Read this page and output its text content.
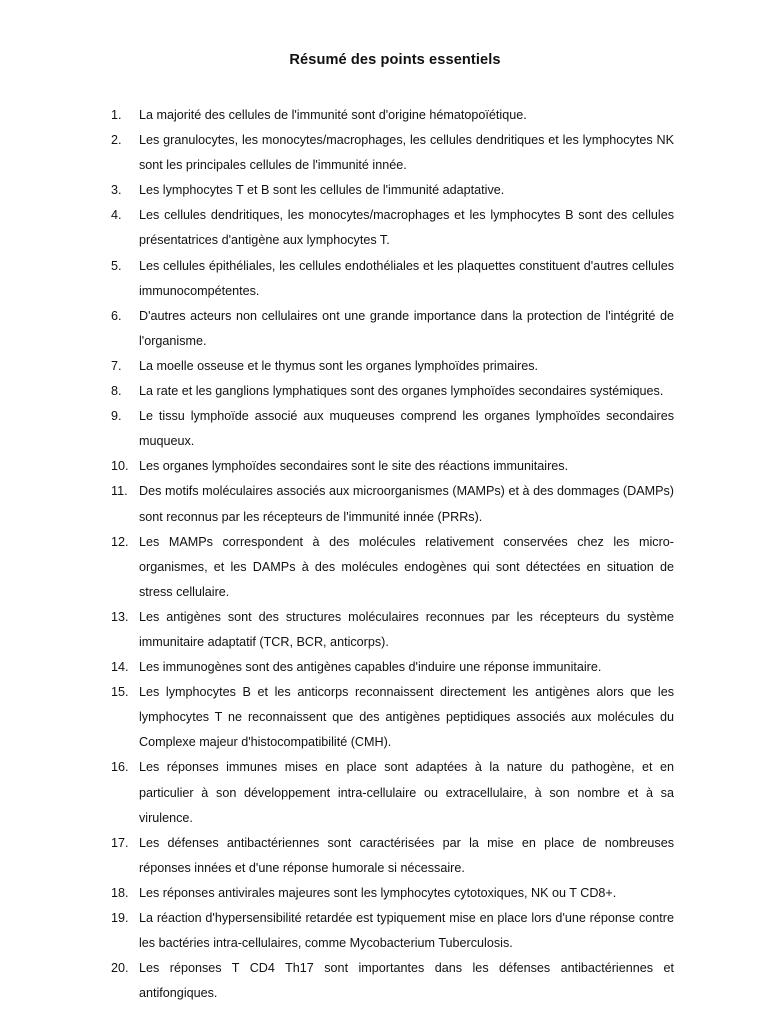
Résumé des points essentiels
1.	La majorité des cellules de l'immunité sont d'origine hématopoïétique.
2.	Les granulocytes, les monocytes/macrophages, les cellules dendritiques et les lymphocytes NK sont les principales cellules de l'immunité innée.
3.	Les lymphocytes T et B sont les cellules de l'immunité adaptative.
4.	Les cellules dendritiques, les monocytes/macrophages et les lymphocytes B sont des cellules présentatrices d'antigène aux lymphocytes T.
5.	Les cellules épithéliales, les cellules endothéliales et les plaquettes constituent d'autres cellules immunocompétentes.
6.	D'autres acteurs non cellulaires ont une grande importance dans la protection de l'intégrité de l'organisme.
7.	La moelle osseuse et le thymus sont les organes lymphoïdes primaires.
8.	La rate et les ganglions lymphatiques sont des organes lymphoïdes secondaires systémiques.
9.	Le tissu lymphoïde associé aux muqueuses comprend les organes lymphoïdes secondaires muqueux.
10. Les organes lymphoïdes secondaires sont le site des réactions immunitaires.
11. Des motifs moléculaires associés aux microorganismes (MAMPs) et à des dommages (DAMPs) sont reconnus par les récepteurs de l'immunité innée (PRRs).
12. Les MAMPs correspondent à des molécules relativement conservées chez les micro-organismes, et les DAMPs à des molécules endogènes qui sont détectées en situation de stress cellulaire.
13. Les antigènes sont des structures moléculaires reconnues par les récepteurs du système immunitaire adaptatif (TCR, BCR, anticorps).
14. Les immunogènes sont des antigènes capables d'induire une réponse immunitaire.
15. Les lymphocytes B et les anticorps reconnaissent directement les antigènes alors que les lymphocytes T ne reconnaissent que des antigènes peptidiques associés aux molécules du Complexe majeur d'histocompatibilité (CMH).
16. Les réponses immunes mises en place sont adaptées à la nature du pathogène, et en particulier à son développement intra-cellulaire ou extracellulaire, à son nombre et à sa virulence.
17. Les défenses antibactériennes sont caractérisées par la mise en place de nombreuses réponses innées et d'une réponse humorale si nécessaire.
18. Les réponses antivirales majeures sont les lymphocytes cytotoxiques, NK ou T CD8+.
19. La réaction d'hypersensibilité retardée est typiquement mise en place lors d'une réponse contre les bactéries intra-cellulaires, comme Mycobacterium Tuberculosis.
20. Les réponses T CD4 Th17 sont importantes dans les défenses antibactériennes et antifongiques.
